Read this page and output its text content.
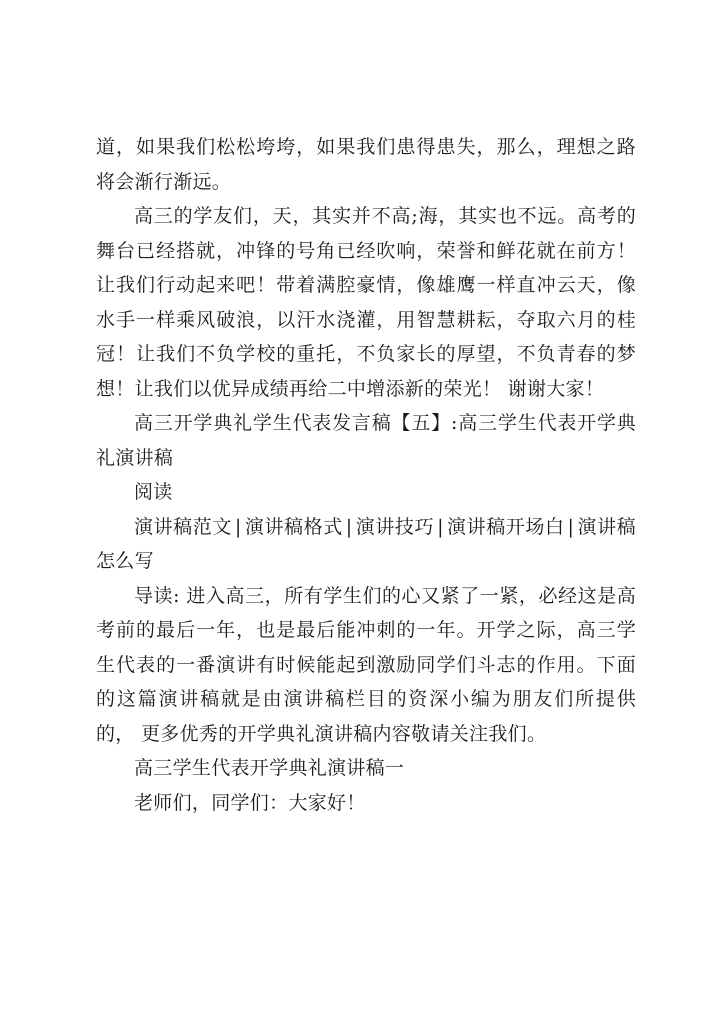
道，如果我们松松垮垮，如果我们患得患失，那么，理想之路将会渐行渐远。

高三的学友们，天，其实并不高;海，其实也不远。高考的舞台已经搭就，冲锋的号角已经吹响，荣誉和鲜花就在前方！让我们行动起来吧！带着满腔豪情，像雄鹰一样直冲云天，像水手一样乘风破浪，以汗水浇灌，用智慧耕耘，夺取六月的桂冠！让我们不负学校的重托，不负家长的厚望，不负青春的梦想！让我们以优异成绩再给二中增添新的荣光！ 谢谢大家！

高三开学典礼学生代表发言稿【五】:高三学生代表开学典礼演讲稿

阅读

演讲稿范文 | 演讲稿格式 | 演讲技巧 | 演讲稿开场白 | 演讲稿怎么写

导读: 进入高三，所有学生们的心又紧了一紧，必经这是高考前的最后一年，也是最后能冲刺的一年。开学之际，高三学生代表的一番演讲有时候能起到激励同学们斗志的作用。下面的这篇演讲稿就是由演讲稿栏目的资深小编为朋友们所提供的， 更多优秀的开学典礼演讲稿内容敬请关注我们。

高三学生代表开学典礼演讲稿一

老师们，同学们：大家好！
